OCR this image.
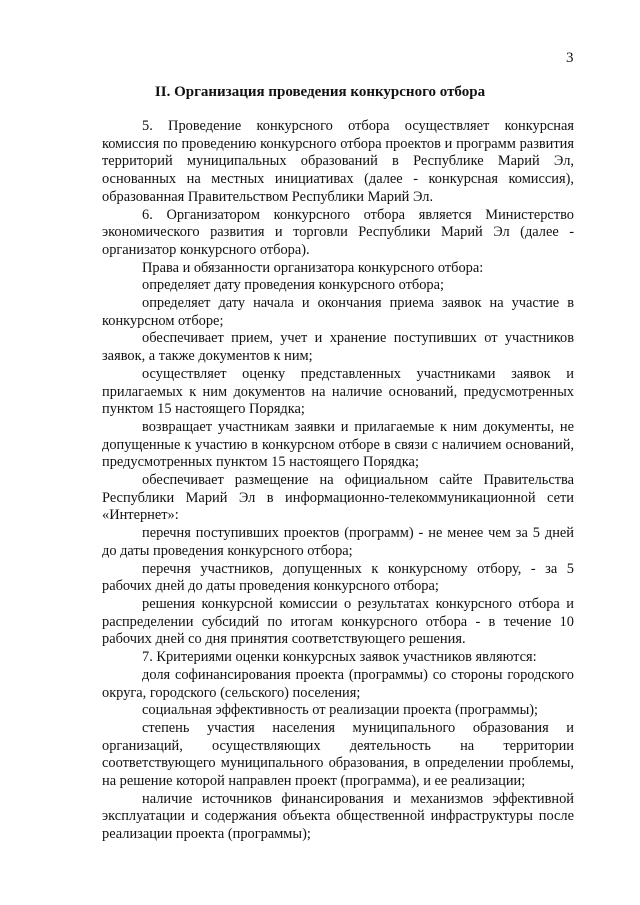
3
II. Организация проведения конкурсного отбора

5. Проведение конкурсного отбора осуществляет конкурсная комиссия по проведению конкурсного отбора проектов и программ развития территорий муниципальных образований в Республике Марий Эл, основанных на местных инициативах (далее - конкурсная комиссия), образованная Правительством Республики Марий Эл.

6. Организатором конкурсного отбора является Министерство экономического развития и торговли Республики Марий Эл (далее - организатор конкурсного отбора).

Права и обязанности организатора конкурсного отбора:

определяет дату проведения конкурсного отбора;

определяет дату начала и окончания приема заявок на участие в конкурсном отборе;

обеспечивает прием, учет и хранение поступивших от участников заявок, а также документов к ним;

осуществляет оценку представленных участниками заявок и прилагаемых к ним документов на наличие оснований, предусмотренных пунктом 15 настоящего Порядка;

возвращает участникам заявки и прилагаемые к ним документы, не допущенные к участию в конкурсном отборе в связи с наличием оснований, предусмотренных пунктом 15 настоящего Порядка;

обеспечивает размещение на официальном сайте Правительства Республики Марий Эл в информационно-телекоммуникационной сети «Интернет»:

перечня поступивших проектов (программ) - не менее чем за 5 дней до даты проведения конкурсного отбора;

перечня участников, допущенных к конкурсному отбору, - за 5 рабочих дней до даты проведения конкурсного отбора;

решения конкурсной комиссии о результатах конкурсного отбора и распределении субсидий по итогам конкурсного отбора - в течение 10 рабочих дней со дня принятия соответствующего решения.

7. Критериями оценки конкурсных заявок участников являются:

доля софинансирования проекта (программы) со стороны городского округа, городского (сельского) поселения;

социальная эффективность от реализации проекта (программы);

степень участия населения муниципального образования и организаций, осуществляющих деятельность на территории соответствующего муниципального образования, в определении проблемы, на решение которой направлен проект (программа), и ее реализации;

наличие источников финансирования и механизмов эффективной эксплуатации и содержания объекта общественной инфраструктуры после реализации проекта (программы);
